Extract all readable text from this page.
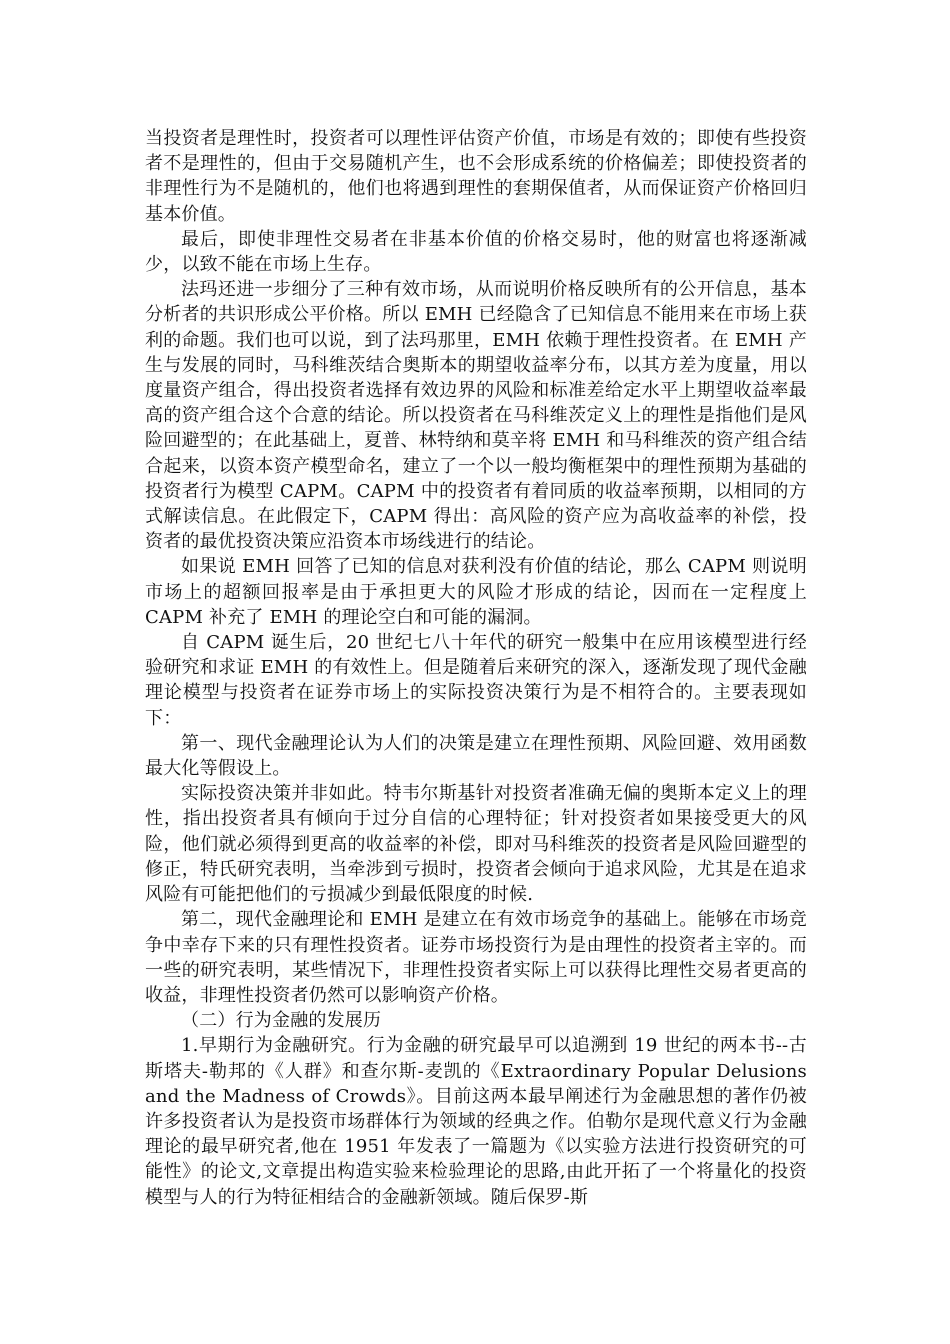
当投资者是理性时，投资者可以理性评估资产价值，市场是有效的；即使有些投资者不是理性的，但由于交易随机产生，也不会形成系统的价格偏差；即使投资者的非理性行为不是随机的，他们也将遇到理性的套期保值者，从而保证资产价格回归基本价值。

最后，即使非理性交易者在非基本价值的价格交易时，他的财富也将逐渐减少，以致不能在市场上生存。

法玛还进一步细分了三种有效市场，从而说明价格反映所有的公开信息，基本分析者的共识形成公平价格。所以 EMH 已经隐含了已知信息不能用来在市场上获利的命题。我们也可以说，到了法玛那里，EMH 依赖于理性投资者。在 EMH 产生与发展的同时，马科维茨结合奥斯本的期望收益率分布，以其方差为度量，用以度量资产组合，得出投资者选择有效边界的风险和标准差给定水平上期望收益率最高的资产组合这个合意的结论。所以投资者在马科维茨定义上的理性是指他们是风险回避型的；在此基础上，夏普、林特纳和莫辛将 EMH 和马科维茨的资产组合结合起来，以资本资产模型命名，建立了一个以一般均衡框架中的理性预期为基础的投资者行为模型 CAPM。CAPM 中的投资者有着同质的收益率预期，以相同的方式解读信息。在此假定下，CAPM 得出：高风险的资产应为高收益率的补偿，投资者的最优投资决策应沿资本市场线进行的结论。

如果说 EMH 回答了已知的信息对获利没有价值的结论，那么 CAPM 则说明市场上的超额回报率是由于承担更大的风险才形成的结论，因而在一定程度上 CAPM 补充了 EMH 的理论空白和可能的漏洞。

自 CAPM 诞生后，20 世纪七八十年代的研究一般集中在应用该模型进行经验研究和求证 EMH 的有效性上。但是随着后来研究的深入，逐渐发现了现代金融理论模型与投资者在证券市场上的实际投资决策行为是不相符合的。主要表现如下：

第一、现代金融理论认为人们的决策是建立在理性预期、风险回避、效用函数最大化等假设上。

实际投资决策并非如此。特韦尔斯基针对投资者准确无偏的奥斯本定义上的理性，指出投资者具有倾向于过分自信的心理特征；针对投资者如果接受更大的风险，他们就必须得到更高的收益率的补偿，即对马科维茨的投资者是风险回避型的修正，特氏研究表明，当牵涉到亏损时，投资者会倾向于追求风险，尤其是在追求风险有可能把他们的亏损减少到最低限度的时候.

第二，现代金融理论和 EMH 是建立在有效市场竞争的基础上。能够在市场竞争中幸存下来的只有理性投资者。证券市场投资行为是由理性的投资者主宰的。而一些的研究表明，某些情况下，非理性投资者实际上可以获得比理性交易者更高的收益，非理性投资者仍然可以影响资产价格。

（二）行为金融的发展历

1.早期行为金融研究。行为金融的研究最早可以追溯到 19 世纪的两本书--古斯塔夫-勒邦的《人群》和查尔斯-麦凯的《Extraordinary Popular Delusions and the Madness of Crowds》。目前这两本最早阐述行为金融思想的著作仍被许多投资者认为是投资市场群体行为领域的经典之作。伯勒尔是现代意义行为金融理论的最早研究者,他在 1951 年发表了一篇题为《以实验方法进行投资研究的可能性》的论文,文章提出构造实验来检验理论的思路,由此开拓了一个将量化的投资模型与人的行为特征相结合的金融新领域。随后保罗-斯
